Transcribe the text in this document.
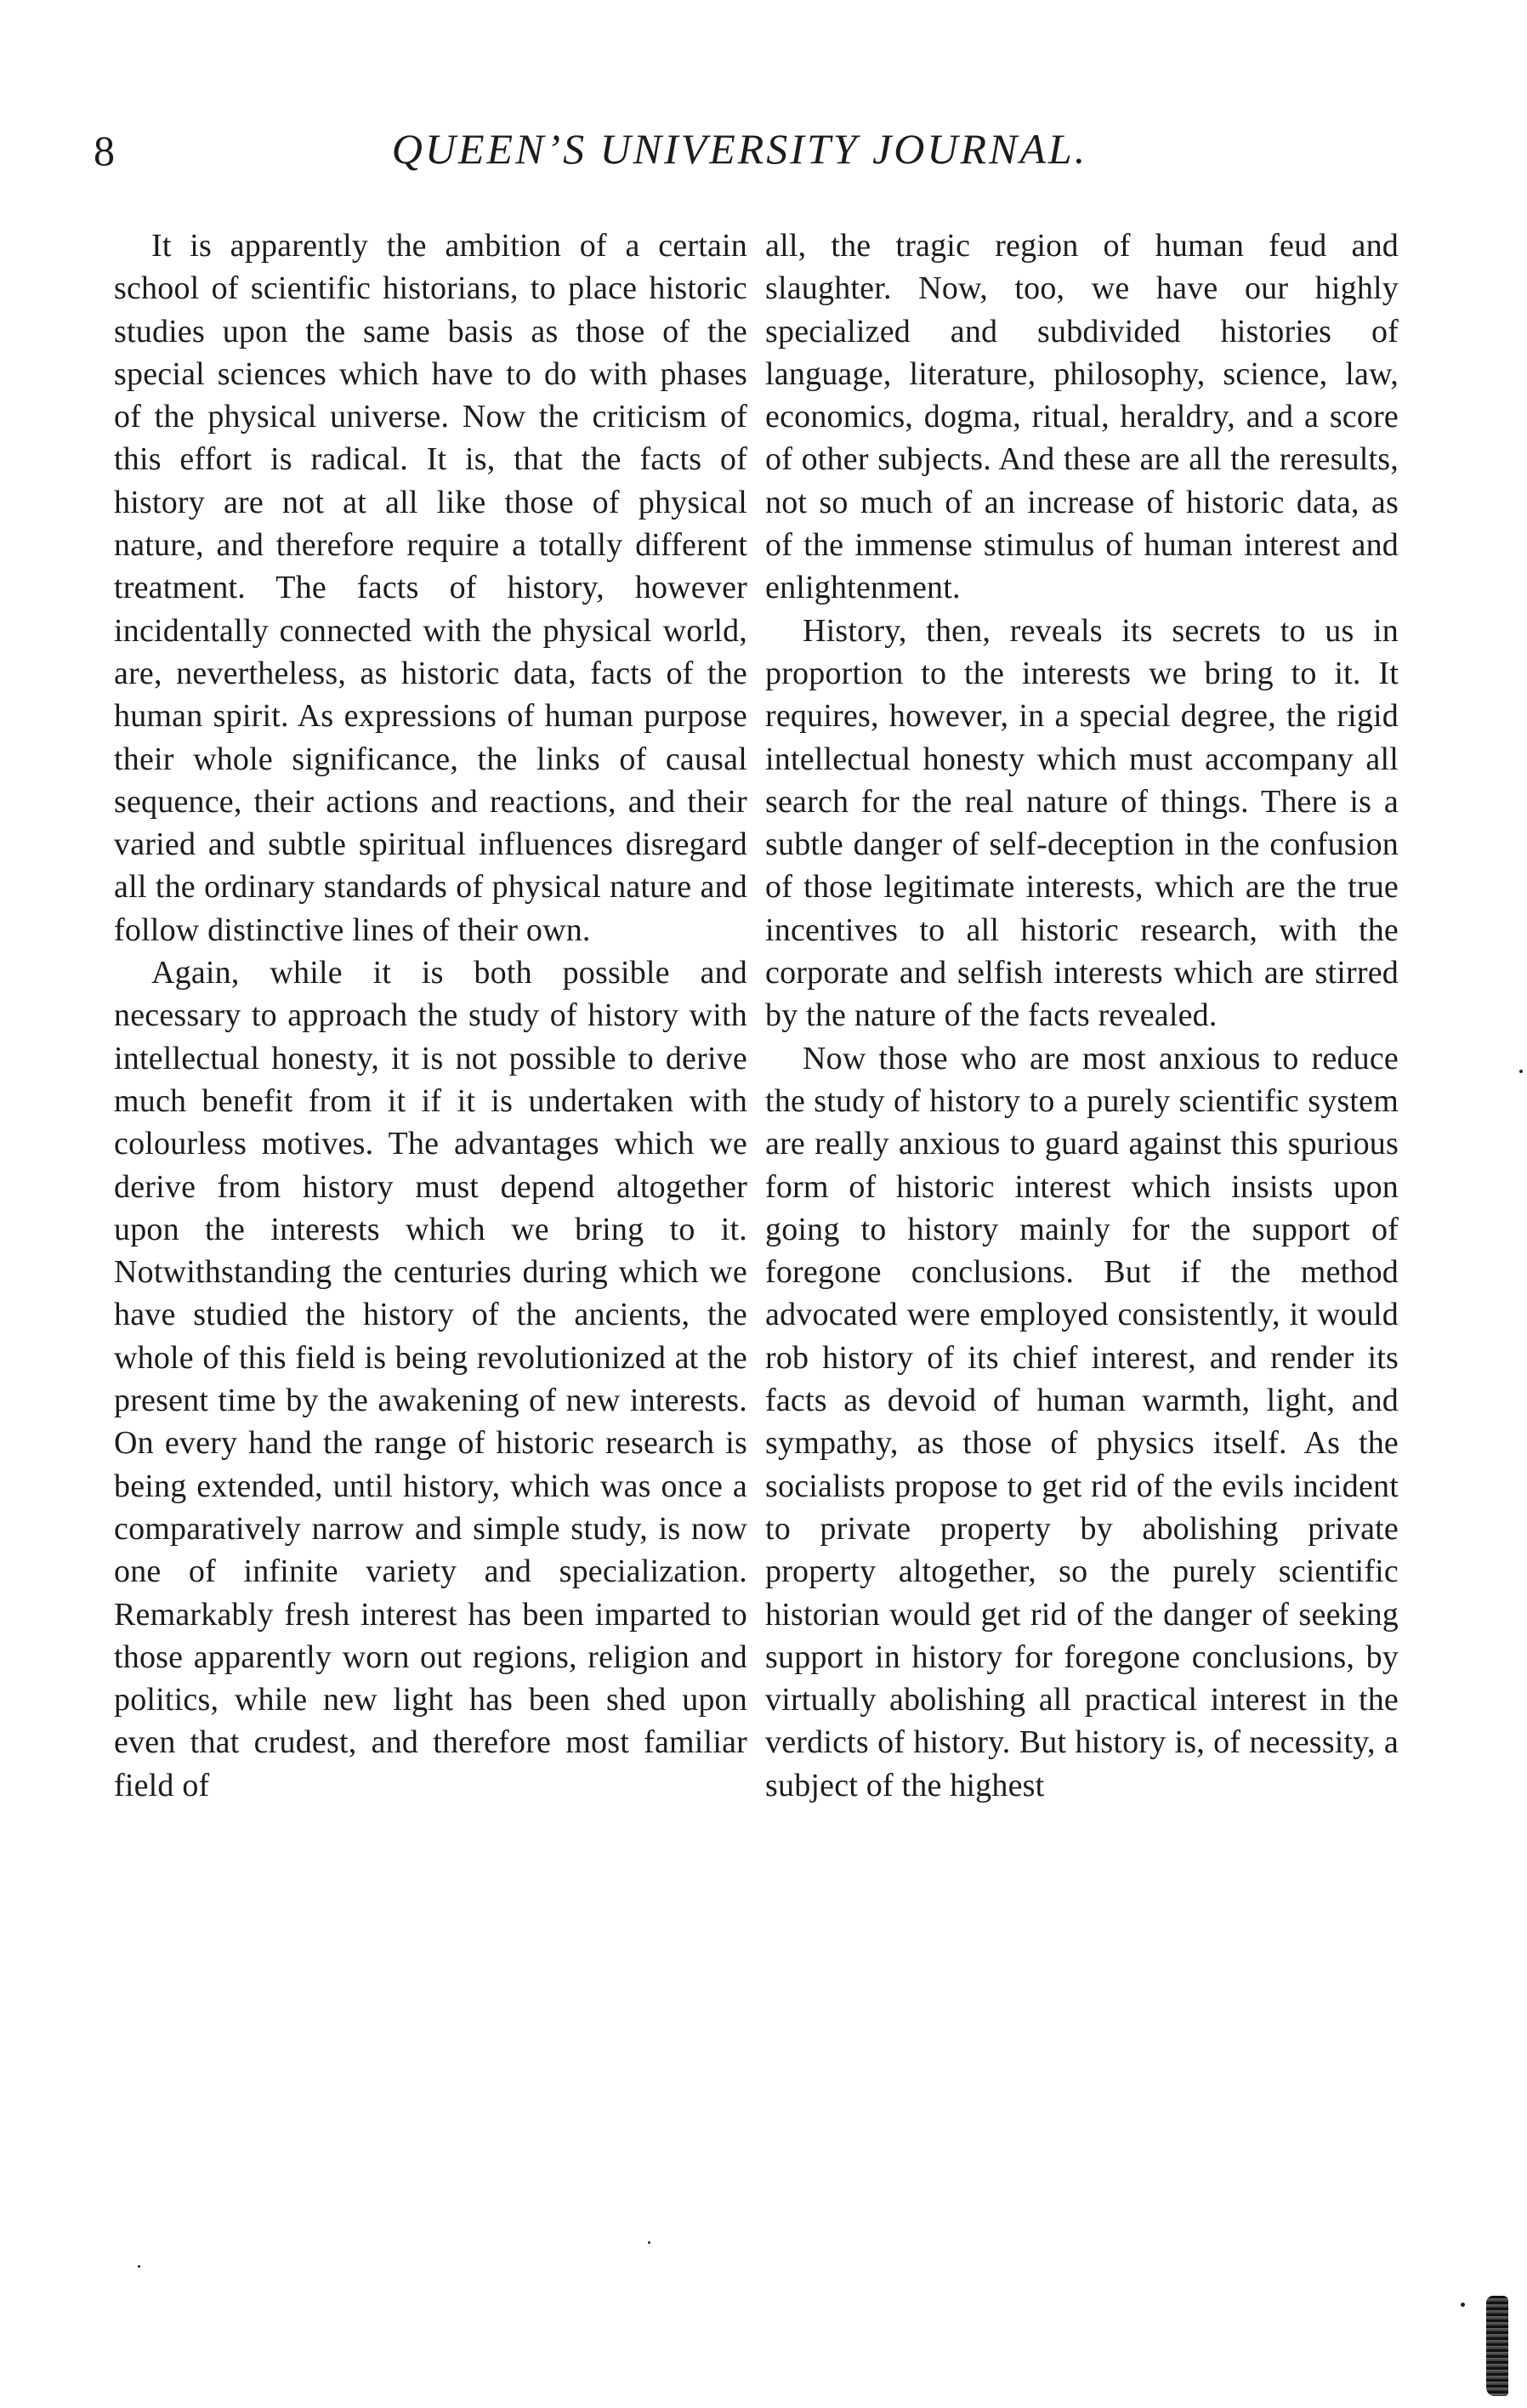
8	QUEEN’S UNIVERSITY JOURNAL.

It is apparently the ambition of a certain school of scientific historians, to place historic studies upon the same basis as those of the special sciences which have to do with phases of the physical universe. Now the criticism of this effort is radical. It is, that the facts of history are not at all like those of physical nature, and therefore require a totally different treatment. The facts of history, however incidentally connected with the physical world, are, nevertheless, as historic data, facts of the human spirit. As expressions of human purpose their whole significance, the links of causal sequence, their actions and reactions, and their varied and subtle spiritual influences disregard all the ordinary standards of physical nature and follow distinctive lines of their own.

Again, while it is both possible and necessary to approach the study of history with intellectual honesty, it is not possible to derive much benefit from it if it is undertaken with colourless motives. The advantages which we derive from history must depend altogether upon the interests which we bring to it. Notwithstanding the centuries during which we have studied the history of the ancients, the whole of this field is being revolutionized at the present time by the awakening of new interests. On every hand the range of historic research is being extended, until history, which was once a comparatively narrow and simple study, is now one of infinite variety and specialization. Remarkably fresh interest has been imparted to those apparently worn out regions, religion and politics, while new light has been shed upon even that crudest, and therefore most familiar field of

all, the tragic region of human feud and slaughter. Now, too, we have our highly specialized and subdivided histories of language, literature, philosophy, science, law, economics, dogma, ritual, heraldry, and a score of other subjects. And these are all the reresults, not so much of an increase of historic data, as of the immense stimulus of human interest and enlightenment.

History, then, reveals its secrets to us in proportion to the interests we bring to it. It requires, however, in a special degree, the rigid intellectual honesty which must accompany all search for the real nature of things. There is a subtle danger of self-deception in the confusion of those legitimate interests, which are the true incentives to all historic research, with the corporate and selfish interests which are stirred by the nature of the facts revealed.

Now those who are most anxious to reduce the study of history to a purely scientific system are really anxious to guard against this spurious form of historic interest which insists upon going to history mainly for the support of foregone conclusions. But if the method advocated were employed consistently, it would rob history of its chief interest, and render its facts as devoid of human warmth, light, and sympathy, as those of physics itself. As the socialists propose to get rid of the evils incident to private property by abolishing private property altogether, so the purely scientific historian would get rid of the danger of seeking support in history for foregone conclusions, by virtually abolishing all practical interest in the verdicts of history. But history is, of necessity, a subject of the highest
